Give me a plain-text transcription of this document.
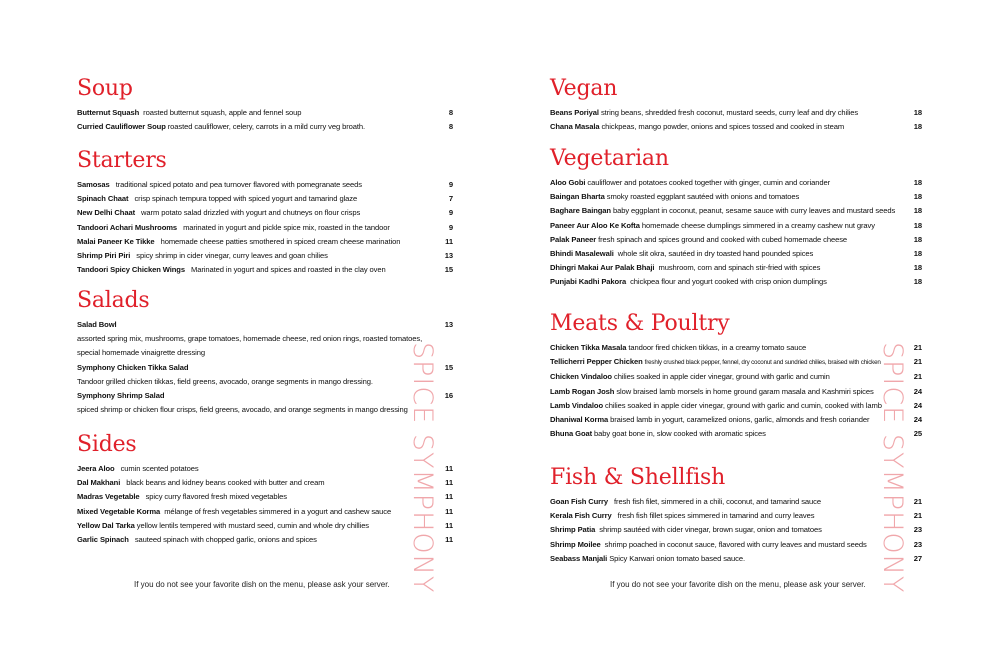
Soup
Butternut Squash roasted butternut squash, apple and fennel soup	8
Curried Cauliflower Soup roasted cauliflower, celery, carrots in a mild curry veg broath.	8
Starters
Samosas traditional spiced potato and pea turnover flavored with pomegranate seeds	9
Spinach Chaat crisp spinach tempura topped with spiced yogurt and tamarind glaze	7
New Delhi Chaat warm potato salad drizzled with yogurt and chutneys on flour crisps	9
Tandoori Achari Mushrooms marinated in yogurt and pickle spice mix, roasted in the tandoor	9
Malai Paneer Ke Tikke homemade cheese patties smothered in spiced cream cheese marination	11
Shrimp Piri Piri spicy shrimp in cider vinegar, curry leaves and goan chilies	13
Tandoori Spicy Chicken Wings Marinated in yogurt and spices and roasted in the clay oven	15
Salads
Salad Bowl	13
assorted spring mix, mushrooms, grape tomatoes, homemade cheese, red onion rings, roasted tomatoes,
special homemade vinaigrette dressing
Symphony Chicken Tikka Salad	15
Tandoor grilled chicken tikkas, field greens, avocado, orange segments in mango dressing.
Symphony Shrimp Salad	16
spiced shrimp or chicken flour crisps, field greens, avocado, and orange segments in mango dressing
Sides
Jeera Aloo cumin scented potatoes	11
Dal Makhani black beans and kidney beans cooked with butter and cream	11
Madras Vegetable spicy curry flavored fresh mixed vegetables	11
Mixed Vegetable Korma mélange of fresh vegetables simmered in a yogurt and cashew sauce	11
Yellow Dal Tarka yellow lentils tempered with mustard seed, cumin and whole dry chillies	11
Garlic Spinach sauteed spinach with chopped garlic, onions and spices	11
If you do not see your favorite dish on the menu, please ask your server. SPICE SYMPHONY
Vegan
Beans Poriyal string beans, shredded fresh coconut, mustard seeds, curry leaf and dry chilies	18
Chana Masala chickpeas, mango powder, onions and spices tossed and cooked in steam	18
Vegetarian
Aloo Gobi cauliflower and potatoes cooked together with ginger, cumin and coriander	18
Baingan Bharta smoky roasted eggplant sautéed with onions and tomatoes	18
Baghare Baingan baby eggplant in coconut, peanut, sesame sauce with curry leaves and mustard seeds	18
Paneer Aur Aloo Ke Kofta homemade cheese dumplings simmered in a creamy cashew nut gravy	18
Palak Paneer fresh spinach and spices ground and cooked with cubed homemade cheese	18
Bhindi Masalewali whole slit okra, sautéed in dry toasted hand pounded spices	18
Dhingri Makai Aur Palak Bhaji mushroom, corn and spinach stir-fried with spices	18
Punjabi Kadhi Pakora chickpea flour and yogurt cooked with crisp onion dumplings	18
Meats & Poultry
Chicken Tikka Masala tandoor fired chicken tikkas, in a creamy tomato sauce	21
Tellicherri Pepper Chicken freshly crushed black pepper, fennel, dry coconut and sundried chilies, braised with chicken	21
Chicken Vindaloo chilies soaked in apple cider vinegar, ground with garlic and cumin	21
Lamb Rogan Josh slow braised lamb morsels in home ground garam masala and Kashmiri spices	24
Lamb Vindaloo chilies soaked in apple cider vinegar, ground with garlic and cumin, cooked with lamb	24
Dhaniwal Korma braised lamb in yogurt, caramelized onions, garlic, almonds and fresh coriander	24
Bhuna Goat baby goat bone in, slow cooked with aromatic spices	25
Fish & Shellfish
Goan Fish Curry fresh fish filet, simmered in a chili, coconut, and tamarind sauce	21
Kerala Fish Curry fresh fish fillet spices simmered in tamarind and curry leaves	21
Shrimp Patia shrimp sautéed with cider vinegar, brown sugar, onion and tomatoes	23
Shrimp Moilee shrimp poached in coconut sauce, flavored with curry leaves and mustard seeds	23
Seabass Manjali Spicy Karwari onion tomato based sauce.	27
If you do not see your favorite dish on the menu, please ask your server. SPICE SYMPHONY
